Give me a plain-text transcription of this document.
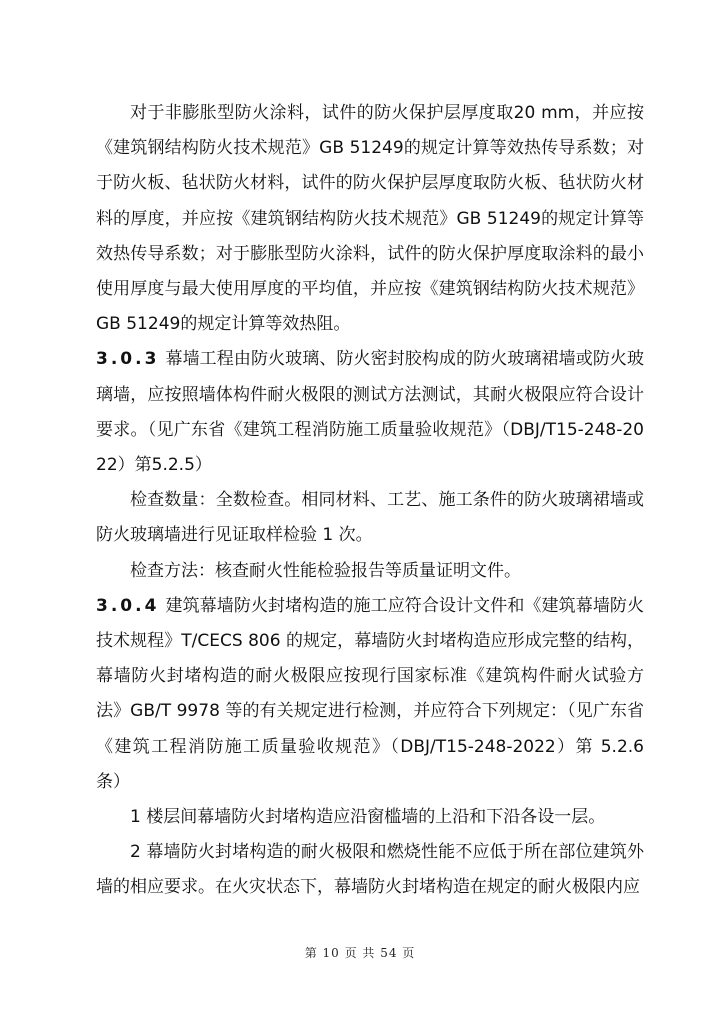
对于非膨胀型防火涂料，试件的防火保护层厚度取20 mm，并应按《建筑钢结构防火技术规范》GB 51249的规定计算等效热传导系数；对于防火板、毡状防火材料，试件的防火保护层厚度取防火板、毡状防火材料的厚度，并应按《建筑钢结构防火技术规范》GB 51249的规定计算等效热传导系数；对于膨胀型防火涂料，试件的防火保护厚度取涂料的最小使用厚度与最大使用厚度的平均值，并应按《建筑钢结构防火技术规范》GB 51249的规定计算等效热阻。

3.0.3 幕墙工程由防火玻璃、防火密封胶构成的防火玻璃裙墙或防火玻璃墙，应按照墙体构件耐火极限的测试方法测试，其耐火极限应符合设计要求。（见广东省《建筑工程消防施工质量验收规范》（DBJ/T15-248-2022）第5.2.5）

检查数量：全数检查。相同材料、工艺、施工条件的防火玻璃裙墙或防火玻璃墙进行见证取样检验 1 次。

检查方法：核查耐火性能检验报告等质量证明文件。

3.0.4 建筑幕墙防火封堵构造的施工应符合设计文件和《建筑幕墙防火技术规程》T/CECS 806 的规定，幕墙防火封堵构造应形成完整的结构，幕墙防火封堵构造的耐火极限应按现行国家标准《建筑构件耐火试验方法》GB/T 9978 等的有关规定进行检测，并应符合下列规定：（见广东省《建筑工程消防施工质量验收规范》（DBJ/T15-248-2022）第 5.2.6 条）

1 楼层间幕墙防火封堵构造应沿窗槛墙的上沿和下沿各设一层。

2 幕墙防火封堵构造的耐火极限和燃烧性能不应低于所在部位建筑外墙的相应要求。在火灾状态下，幕墙防火封堵构造在规定的耐火极限内应

第 10 页 共 54 页
